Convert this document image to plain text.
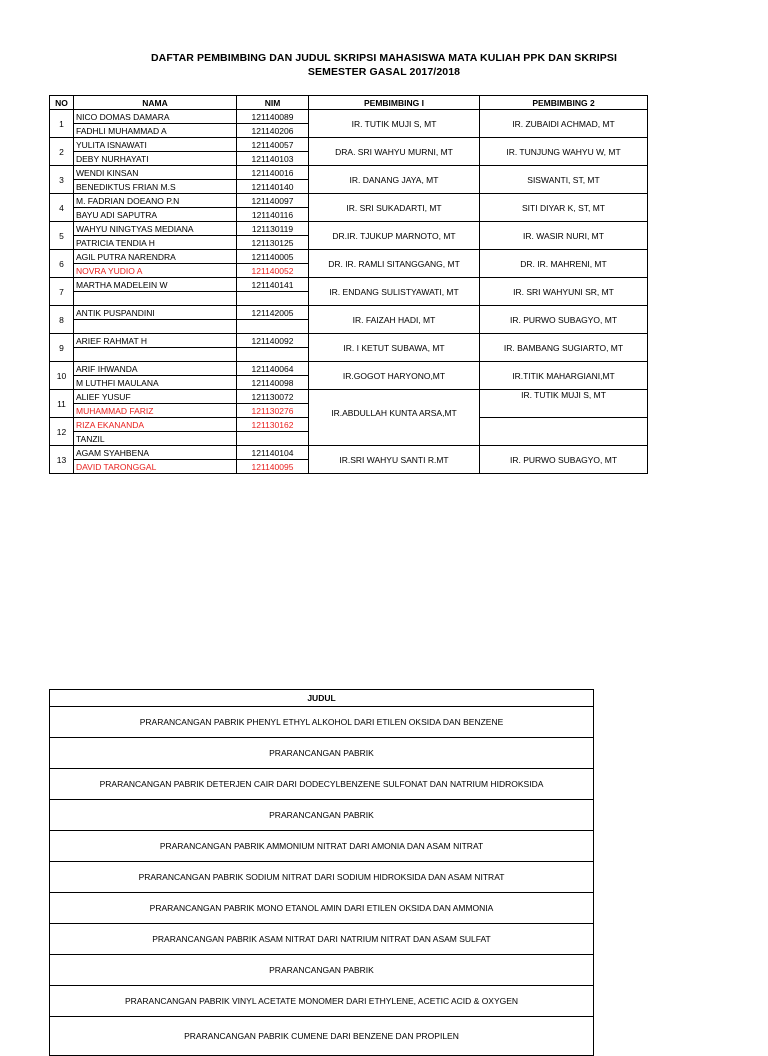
DAFTAR PEMBIMBING DAN JUDUL SKRIPSI MAHASISWA MATA KULIAH PPK DAN SKRIPSI
SEMESTER GASAL 2017/2018
NO	NAMA	NIM	PEMBIMBING I	PEMBIMBING 2
1	NICO DOMAS DAMARA	121140089	IR. TUTIK MUJI S, MT	IR. ZUBAIDI ACHMAD, MT
	FADHLI MUHAMMAD A	121140206		
2	YULITA ISNAWATI	121140057	DRA. SRI WAHYU MURNI, MT	IR. TUNJUNG WAHYU W, MT
	DEBY NURHAYATI	121140103		
3	WENDI KINSAN	121140016	IR. DANANG JAYA, MT	SISWANTI, ST, MT
	BENEDIKTUS FRIAN M.S	121140140		
4	M. FADRIAN DOEANO P.N	121140097	IR. SRI SUKADARTI, MT	SITI DIYAR K, ST, MT
	BAYU ADI SAPUTRA	121140116		
5	WAHYU NINGTYAS MEDIANA	121130119	DR.IR. TJUKUP MARNOTO, MT	IR. WASIR NURI, MT
	PATRICIA TENDIA H	121130125		
6	AGIL PUTRA NARENDRA	121140005	DR. IR. RAMLI SITANGGANG, MT	DR. IR. MAHRENI, MT
	NOVRA YUDIO A	121140052		
7	MARTHA MADELEIN W	121140141	IR. ENDANG SULISTYAWATI, MT	IR. SRI WAHYUNI SR, MT

8	ANTIK PUSPANDINI	121142005	IR. FAIZAH HADI, MT	IR. PURWO SUBAGYO, MT

9	ARIEF RAHMAT H	121140092	IR. I KETUT SUBAWA, MT	IR. BAMBANG SUGIARTO, MT

10	ARIF IHWANDA	121140064	IR.GOGOT HARYONO,MT	IR.TITIK MAHARGIANI,MT
	M LUTHFI MAULANA	121140098		
11	ALIEF YUSUF	121130072	IR.ABDULLAH KUNTA ARSA,MT	IR. TUTIK MUJI S, MT
	MUHAMMAD FARIZ	121130276		
12	RIZA EKANANDA	121130162		
	TANZIL			
13	AGAM SYAHBENA	121140104	IR.SRI WAHYU SANTI R.MT	IR. PURWO SUBAGYO, MT
	DAVID TARONGGAL	121140095		
JUDUL
PRARANCANGAN PABRIK PHENYL ETHYL ALKOHOL DARI ETILEN OKSIDA DAN BENZENE
PRARANCANGAN PABRIK
PRARANCANGAN PABRIK DETERJEN CAIR DARI DODECYLBENZENE SULFONAT DAN NATRIUM HIDROKSIDA
PRARANCANGAN PABRIK
PRARANCANGAN PABRIK AMMONIUM NITRAT DARI AMONIA DAN ASAM NITRAT
PRARANCANGAN PABRIK SODIUM NITRAT DARI SODIUM HIDROKSIDA DAN ASAM NITRAT
PRARANCANGAN PABRIK MONO ETANOL AMIN DARI ETILEN OKSIDA DAN AMMONIA
PRARANCANGAN PABRIK ASAM NITRAT DARI NATRIUM NITRAT DAN ASAM SULFAT
PRARANCANGAN PABRIK
PRARANCANGAN PABRIK VINYL ACETATE MONOMER DARI ETHYLENE, ACETIC ACID & OXYGEN
PRARANCANGAN PABRIK CUMENE DARI BENZENE DAN PROPILEN
